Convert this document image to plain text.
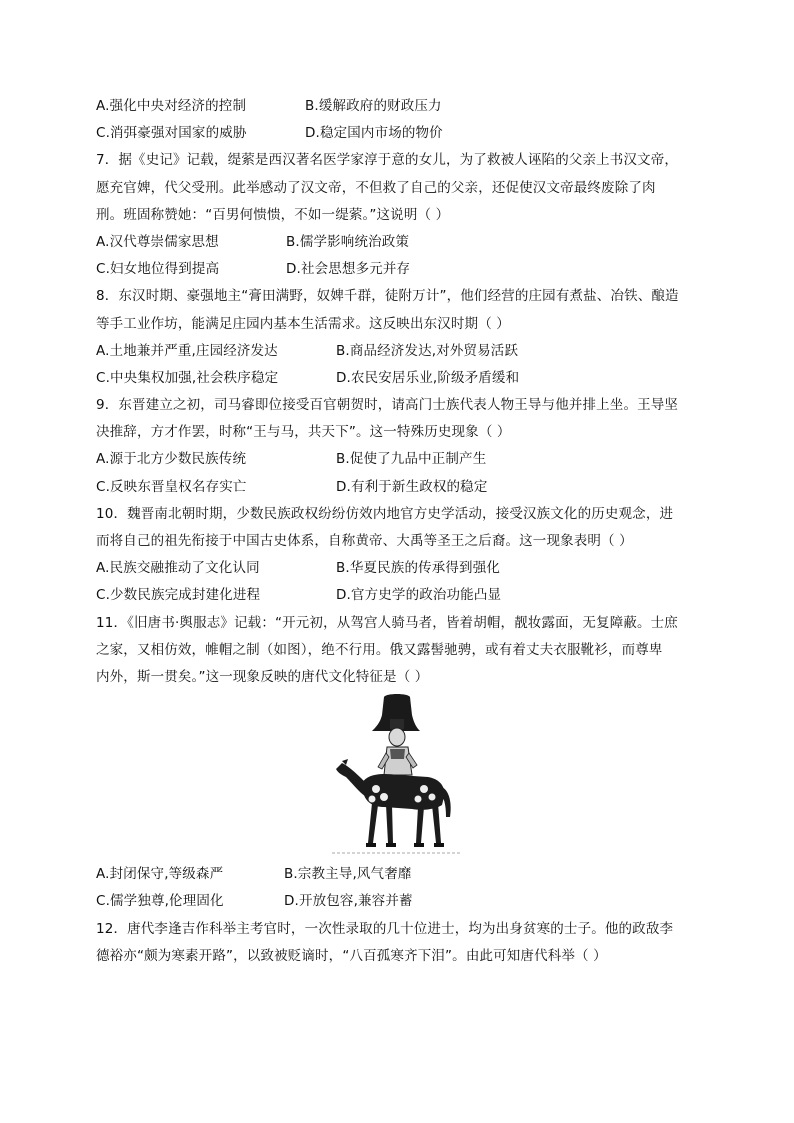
A.强化中央对经济的控制	B.缓解政府的财政压力
C.消弭豪强对国家的威胁	D.稳定国内市场的物价
7．据《史记》记载，缇萦是西汉著名医学家淳于意的女儿，为了救被人诬陷的父亲上书汉文帝，
愿充官婢，代父受刑。此举感动了汉文帝，不但救了自己的父亲，还促使汉文帝最终废除了肉
刑。班固称赞她：“百男何愦愦，不如一缇萦。”这说明（ ）
A.汉代尊崇儒家思想	B.儒学影响统治政策
C.妇女地位得到提高	D.社会思想多元并存
8．东汉时期、豪强地主“膏田满野，奴婢千群，徒附万计”，他们经营的庄园有煮盐、冶铁、酿造
等手工业作坊，能满足庄园内基本生活需求。这反映出东汉时期（ ）
A.土地兼并严重,庄园经济发达	B.商品经济发达,对外贸易活跃
C.中央集权加强,社会秩序稳定	D.农民安居乐业,阶级矛盾缓和
9．东晋建立之初，司马睿即位接受百官朝贺时，请高门士族代表人物王导与他并排上坐。王导坚
决推辞，方才作罢，时称“王与马，共天下”。这一特殊历史现象（ ）
A.源于北方少数民族传统	B.促使了九品中正制产生
C.反映东晋皇权名存实亡	D.有利于新生政权的稳定
10．魏晋南北朝时期，少数民族政权纷纷仿效内地官方史学活动，接受汉族文化的历史观念，进
而将自己的祖先衔接于中国古史体系，自称黄帝、大禹等圣王之后裔。这一现象表明（ ）
A.民族交融推动了文化认同	B.华夏民族的传承得到强化
C.少数民族完成封建化进程	D.官方史学的政治功能凸显
11．《旧唐书·舆服志》记载：“开元初，从驾宫人骑马者，皆着胡帽，靓妆露面，无复障蔽。士庶
之家，又相仿效，帷帽之制（如图），绝不行用。俄又露髻驰骋，或有着丈夫衣服靴衫，而尊卑
内外，斯一贯矣。”这一现象反映的唐代文化特征是（ ）
A.封闭保守,等级森严	B.宗教主导,风气奢靡
C.儒学独尊,伦理固化	D.开放包容,兼容并蓄
12．唐代李逢吉作科举主考官时，一次性录取的几十位进士，均为出身贫寒的士子。他的政敌李
德裕亦“颇为寒素开路”，以致被贬谪时，“八百孤寒齐下泪”。由此可知唐代科举（ ）
